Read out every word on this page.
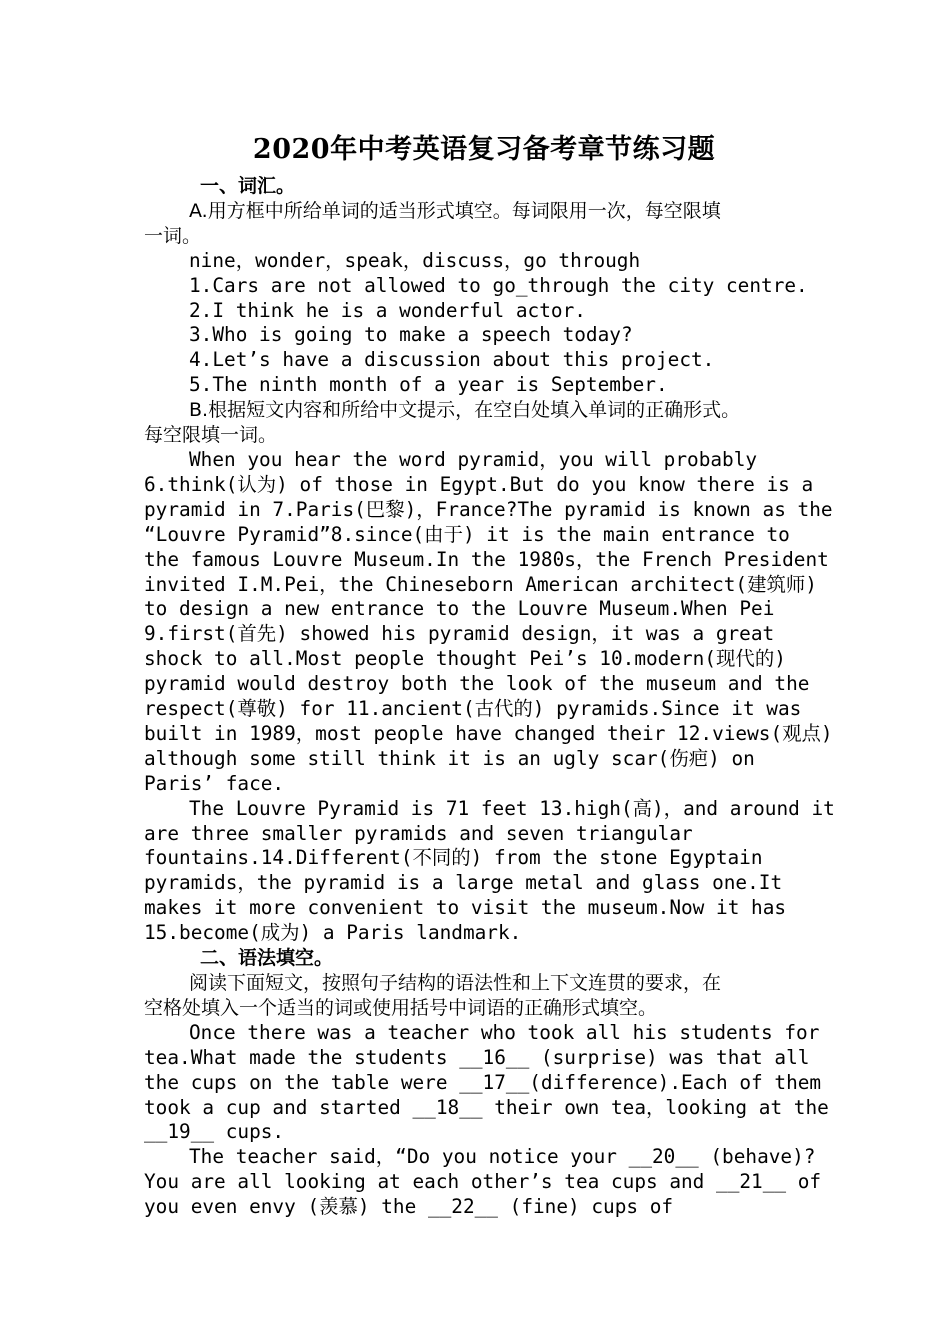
2020年中考英语复习备考章节练习题
一、词汇。
A.用方框中所给单词的适当形式填空。每词限用一次，每空限填
一词。
nine，wonder，speak，discuss，go through
1.Cars are not allowed to go_through the city centre.
2.I think he is a wonderful actor.
3.Who is going to make a speech today?
4.Let’s have a discussion about this project.
5.The ninth month of a year is September.
B.根据短文内容和所给中文提示，在空白处填入单词的正确形式。
每空限填一词。
When you hear the word pyramid，you will probably
6.think(认为) of those in Egypt.But do you know there is a
pyramid in 7.Paris(巴黎)，France?The pyramid is known as the
“Louvre Pyramid”8.since(由于) it is the main entrance to
the famous Louvre Museum.In the 1980s，the French President
invited I.M.Pei，the Chineseborn American architect(建筑师)
to design a new entrance to the Louvre Museum.When Pei
9.first(首先) showed his pyramid design，it was a great
shock to all.Most people thought Pei’s 10.modern(现代的)
pyramid would destroy both the look of the museum and the
respect(尊敬) for 11.ancient(古代的) pyramids.Since it was
built in 1989，most people have changed their 12.views(观点)
although some still think it is an ugly scar(伤疤) on
Paris’ face.
The Louvre Pyramid is 71 feet 13.high(高)，and around it
are three smaller pyramids and seven triangular
fountains.14.Different(不同的) from the stone Egyptain
pyramids，the pyramid is a large metal and glass one.It
makes it more convenient to visit the museum.Now it has
15.become(成为) a Paris landmark.
二、语法填空。
阅读下面短文，按照句子结构的语法性和上下文连贯的要求，在
空格处填入一个适当的词或使用括号中词语的正确形式填空。
Once there was a teacher who took all his students for
tea.What made the students __16__ (surprise) was that all
the cups on the table were __17__(difference).Each of them
took a cup and started __18__ their own tea，looking at the
__19__ cups.
The teacher said，“Do you notice your __20__ (behave)?
You are all looking at each other’s tea cups and __21__ of
you even envy (羡慕) the __22__ (fine) cups of
